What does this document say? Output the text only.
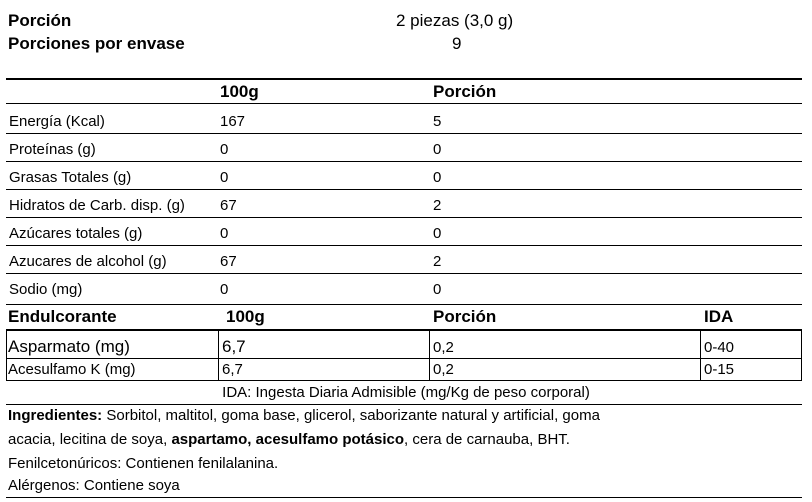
Porción	2 piezas (3,0 g)
Porciones por envase	9
100g	Porción
Energía (Kcal)	167	5
Proteínas (g)	0	0
Grasas Totales (g)	0	0
Hidratos de Carb. disp. (g) 67	2
Azúcares totales (g)	0	0
Azucares de alcohol (g)	67	2
Sodio (mg)	0	0
Endulcorante	100g	Porción	IDA
Asparmato (mg)	6,7	0,2	0-40
Acesulfamo K (mg)	6,7	0,2	0-15
IDA: Ingesta Diaria Admisible (mg/Kg de peso corporal)
Ingredientes: Sorbitol, maltitol, goma base, glicerol, saborizante natural y artificial, goma
acacia, lecitina de soya, aspartamo, acesulfamo potásico, cera de carnauba, BHT.
Fenilcetonúricos: Contienen fenilalanina.
Alérgenos: Contiene soya
